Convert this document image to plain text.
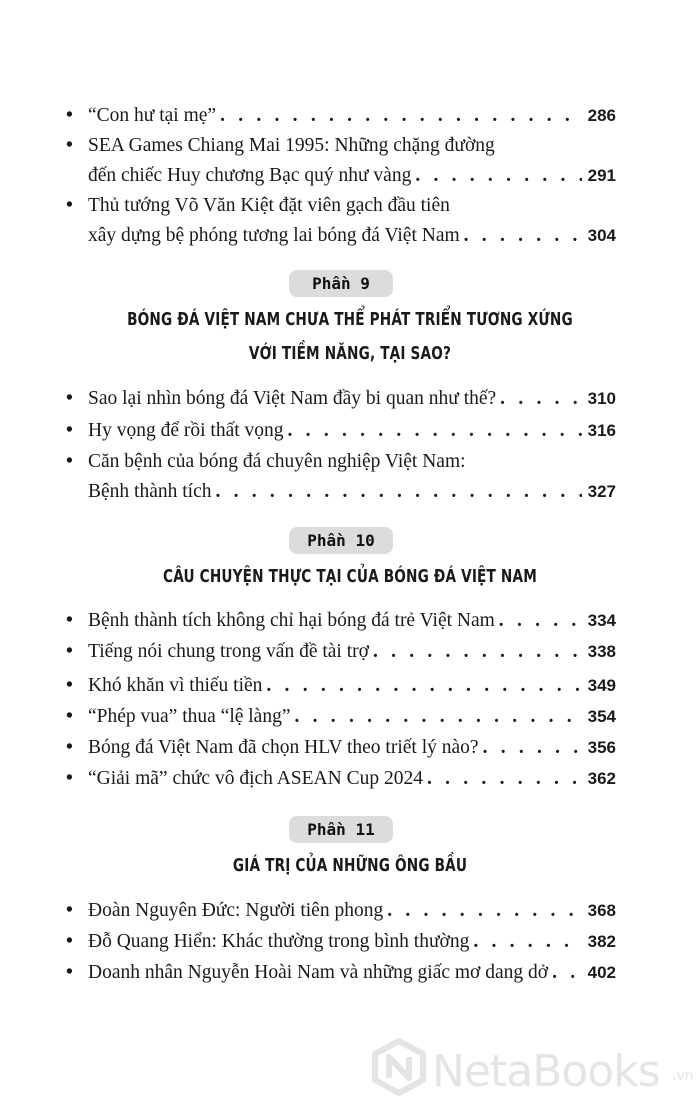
• “Con hư tại mẹ” . . .	286
• SEA Games Chiang Mai 1995: Những chặng đường
đến chiếc Huy chương Bạc quý như vàng . . .	291
• Thủ tướng Võ Văn Kiệt đặt viên gạch đầu tiên
xây dựng bệ phóng tương lai bóng đá Việt Nam . . .	304
Phần 9
BÓNG ĐÁ VIỆT NAM CHƯA THỂ PHÁT TRIỂN TƯƠNG XỨNG
VỚI TIỀM NĂNG, TẠI SAO?
• Sao lại nhìn bóng đá Việt Nam đầy bi quan như thế? . . .	310
• Hy vọng để rồi thất vọng . . .	316
• Căn bệnh của bóng đá chuyên nghiệp Việt Nam:
Bệnh thành tích . . .	327
Phần 10
CÂU CHUYỆN THỰC TẠI CỦA BÓNG ĐÁ VIỆT NAM
• Bệnh thành tích không chỉ hại bóng đá trẻ Việt Nam . . .	334
• Tiếng nói chung trong vấn đề tài trợ . . .	338
• Khó khăn vì thiếu tiền . . .	349
• “Phép vua” thua “lệ làng” . . .	354
• Bóng đá Việt Nam đã chọn HLV theo triết lý nào? . . .	356
• “Giải mã” chức vô địch ASEAN Cup 2024 . . .	362
Phần 11
GIÁ TRỊ CỦA NHỮNG ÔNG BẦU
• Đoàn Nguyên Đức: Người tiên phong . . .	368
• Đỗ Quang Hiển: Khác thường trong bình thường . . .	382
• Doanh nhân Nguyễn Hoài Nam và những giấc mơ dang dở . . . 402
NetaBooks .vn
